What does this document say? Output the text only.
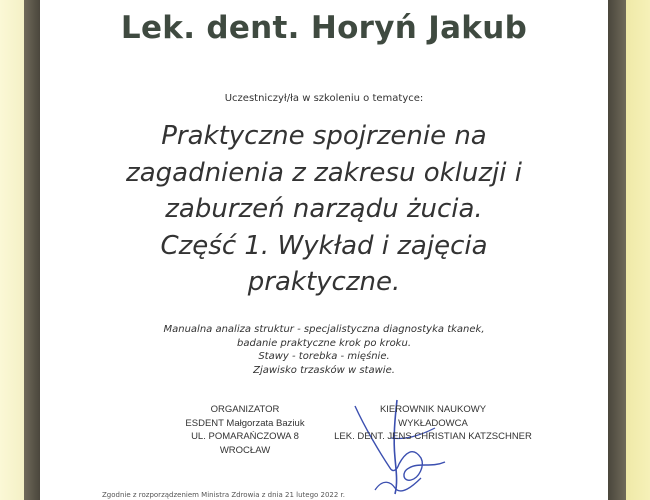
Lek. dent. Horyń Jakub
Uczestniczył/ła w szkoleniu o tematyce:
Praktyczne spojrzenie na
zagadnienia z zakresu okluzji i
zaburzeń narządu żucia.
Część 1. Wykład i zajęcia
praktyczne.
Manualna analiza struktur - specjalistyczna diagnostyka tkanek,
badanie praktyczne krok po kroku.
Stawy - torebka - mięśnie.
Zjawisko trzasków w stawie.
ORGANIZATOR
ESDENT Małgorzata Baziuk
UL. POMARAŃCZOWA 8
WROCŁAW
KIEROWNIK NAUKOWY
WYKŁADOWCA
LEK. DENT. JENS CHRISTIAN KATZSCHNER
Zgodnie z rozporządzeniem Ministra Zdrowia z dnia 21 lutego 2022 r.
